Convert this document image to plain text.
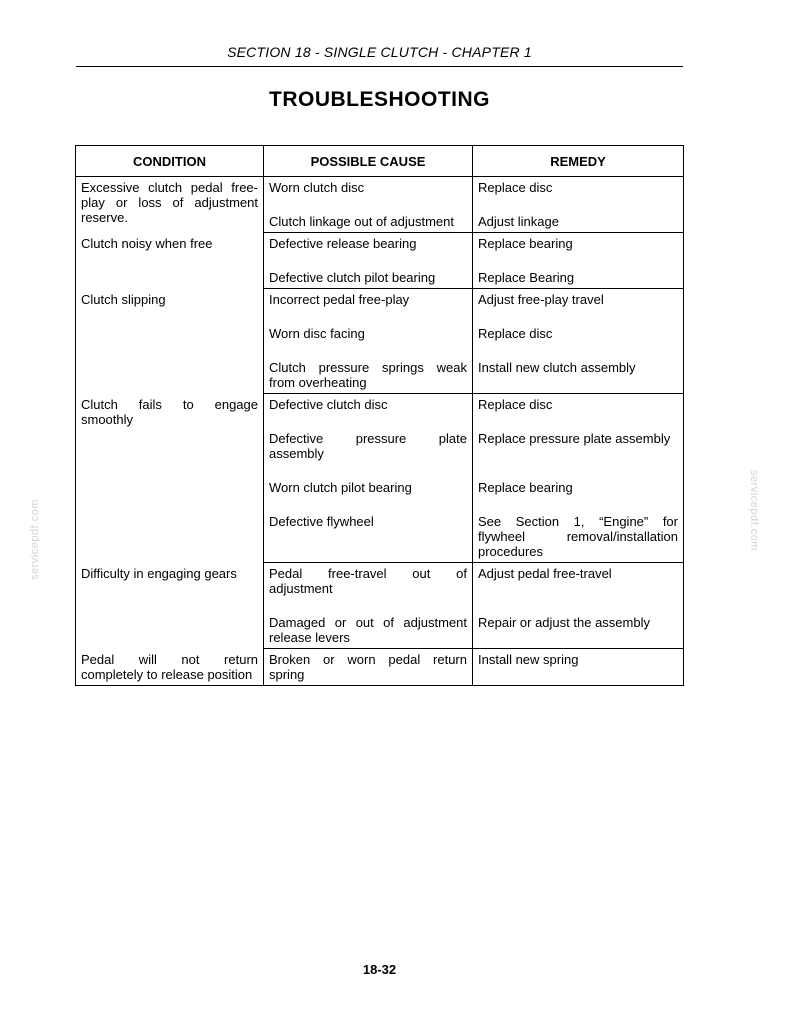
SECTION 18 - SINGLE CLUTCH - CHAPTER 1
TROUBLESHOOTING
CONDITION	POSSIBLE CAUSE	REMEDY
Excessive clutch pedal free-play or loss of adjustment reserve.	Worn clutch disc	Replace disc
	Clutch linkage out of adjustment	Adjust linkage
Clutch noisy when free	Defective release bearing	Replace bearing
	Defective clutch pilot bearing	Replace Bearing
Clutch slipping	Incorrect pedal free-play	Adjust free-play travel
	Worn disc facing	Replace disc
	Clutch pressure springs weak from overheating	Install new clutch assembly
Clutch fails to engage smoothly	Defective clutch disc	Replace disc
	Defective pressure plate assembly	Replace pressure plate assembly
	Worn clutch pilot bearing	Replace bearing
	Defective flywheel	See Section 1, “Engine” for flywheel removal/installation procedures
Difficulty in engaging gears	Pedal free-travel out of adjustment	Adjust pedal free-travel
	Damaged or out of adjustment release levers	Repair or adjust the assembly
Pedal will not return completely to release position	Broken or worn pedal return spring	Install new spring
servicepdf.com	servicepdf.com
18-32
